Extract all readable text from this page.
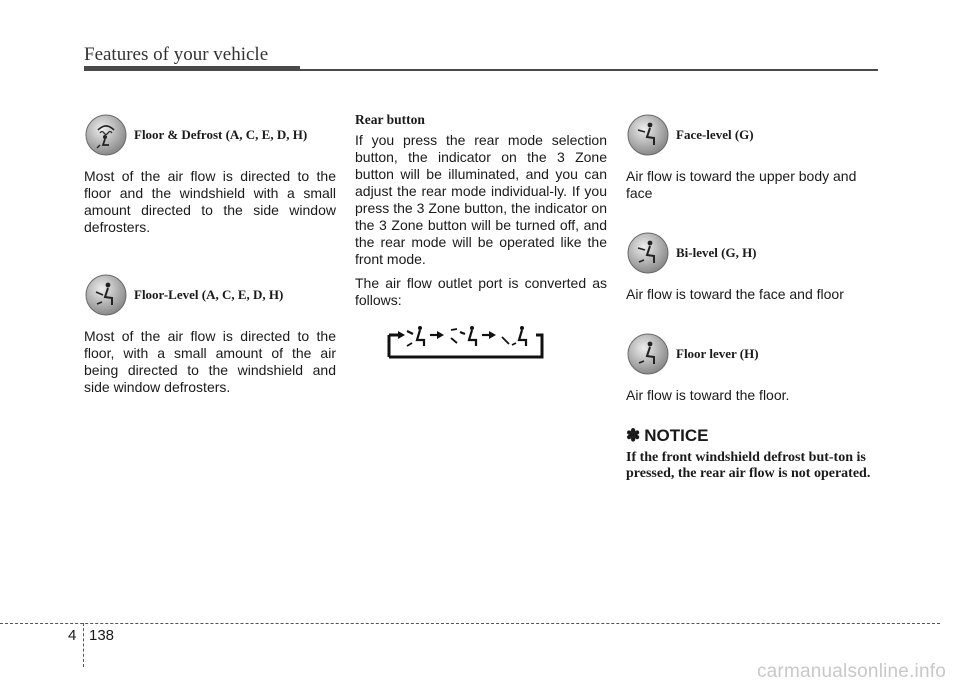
Features of your vehicle
Floor & Defrost (A, C, E, D, H)

Most of the air flow is directed to the floor and the windshield with a small amount directed to the side window defrosters.

Floor-Level (A, C, E, D, H)

Most of the air flow is directed to the floor, with a small amount of the air being directed to the windshield and side window defrosters.

Rear button

If you press the rear mode selection button, the indicator on the 3 Zone button will be illuminated, and you can adjust the rear mode individual-ly. If you press the 3 Zone button, the indicator on the 3 Zone button will be turned off, and the rear mode will be operated like the front mode.

The air flow outlet port is converted as follows:

Face-level (G)

Air flow is toward the upper body and face

Bi-level (G, H)

Air flow is toward the face and floor

Floor lever (H)

Air flow is toward the floor.

✽ NOTICE
If the front windshield defrost but-ton is pressed, the rear air flow is not operated.
4 138
carmanualsonline.info
